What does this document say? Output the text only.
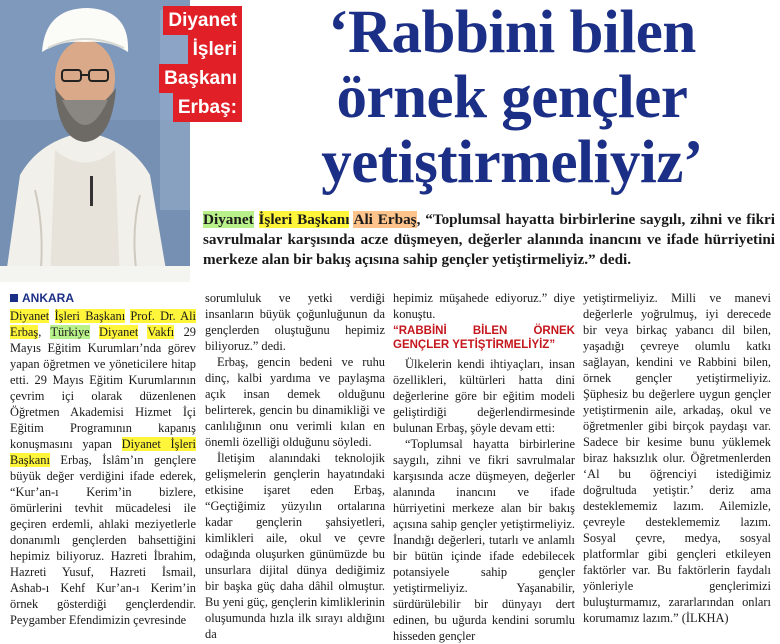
Diyanet
İşleri
Başkanı
Erbaş:
‘Rabbini bilen
örnek gençler
yetiştirmeliyiz’
Diyanet İşleri Başkanı Ali Erbaş, “Toplumsal hayatta birbirlerine saygılı, zihni ve fikri savrulmalar karşısında acze düşmeyen, değerler alanında inancını ve ifade hürriyetini merkeze alan bir bakış açısına sahip gençler yetiştirmeliyiz.” dedi.
ANKARA

Diyanet İşleri Başkanı Prof. Dr. Ali Erbaş, Türkiye Diyanet Vakfı 29 Mayıs Eğitim Kurumları’nda görev yapan öğretmen ve yöneticilere hitap etti. 29 Mayıs Eğitim Kurumlarının çevrim içi olarak düzenlenen Öğretmen Akademisi Hizmet İçi Eğitim Programının kapanış konuşmasını yapan Diyanet İşleri Başkanı Erbaş, İslâm’ın gençlere büyük değer verdiğini ifade ederek, “Kur’an-ı Kerim’in bizlere, ömürlerini tevhit mücadelesi ile geçiren erdemli, ahlaki meziyetlerle donanımlı gençlerden bahsettiğini hepimiz biliyoruz. Hazreti İbrahim, Hazreti Yusuf, Hazreti İsmail, Ashab-ı Kehf Kur’an-ı Kerim’in örnek gösterdiği gençlerdendir. Peygamber Efendimizin çevresinde

sorumluluk ve yetki verdiği insanların büyük çoğunluğunun da gençlerden oluştuğunu hepimiz biliyoruz.” dedi.

Erbaş, gencin bedeni ve ruhu dinç, kalbi yardıma ve paylaşma açık insan demek olduğunu belirterek, gencin bu dinamikliği ve canlılığının onu verimli kılan en önemli özelliği olduğunu söyledi.

İletişim alanındaki teknolojik gelişmelerin gençlerin hayatındaki etkisine işaret eden Erbaş, “Geçtiğimiz yüzyılın ortalarına kadar gençlerin şahsiyetleri, kimlikleri aile, okul ve çevre odağında oluşurken günümüzde bu unsurlara dijital dünya dediğimiz bir başka güç daha dâhil olmuştur. Bu yeni güç, gençlerin kimliklerinin oluşumunda hızla ilk sırayı aldığını da

hepimiz müşahede ediyoruz.” diye konuştu.

“RABBİNİ BİLEN ÖRNEK GENÇLER YETİŞTİRMELİYİZ”

Ülkelerin kendi ihtiyaçları, insan özellikleri, kültürleri hatta dini değerlerine göre bir eğitim modeli geliştirdiği değerlendirmesinde bulunan Erbaş, şöyle devam etti:

“Toplumsal hayatta birbirlerine saygılı, zihni ve fikri savrulmalar karşısında acze düşmeyen, değerler alanında inancını ve ifade hürriyetini merkeze alan bir bakış açısına sahip gençler yetiştirmeliyiz. İnandığı değerleri, tutarlı ve anlamlı bir bütün içinde ifade edebilecek potansiyele sahip gençler yetiştirmeliyiz. Yaşanabilir, sürdürülebilir bir dünyayı dert edinen, bu uğurda kendini sorumlu hisseden gençler

yetiştirmeliyiz. Milli ve manevi değerlerle yoğrulmuş, iyi derecede bir veya birkaç yabancı dil bilen, yaşadığı çevreye olumlu katkı sağlayan, kendini ve Rabbini bilen, örnek gençler yetiştirmeliyiz. Şüphesiz bu değerlere uygun gençler yetiştirmenin aile, arkadaş, okul ve öğretmenler gibi birçok paydaşı var. Sadece bir kesime bunu yüklemek biraz haksızlık olur. Öğretmenlerden ‘Al bu öğrenciyi istediğimiz doğrultuda yetiştir.’ deriz ama desteklememiz lazım. Ailemizle, çevreyle desteklememiz lazım. Sosyal çevre, medya, sosyal platformlar gibi gençleri etkileyen faktörler var. Bu faktörlerin faydalı yönleriyle gençlerimizi buluşturmamız, zararlarından onları korumamız lazım.” (İLKHA)
